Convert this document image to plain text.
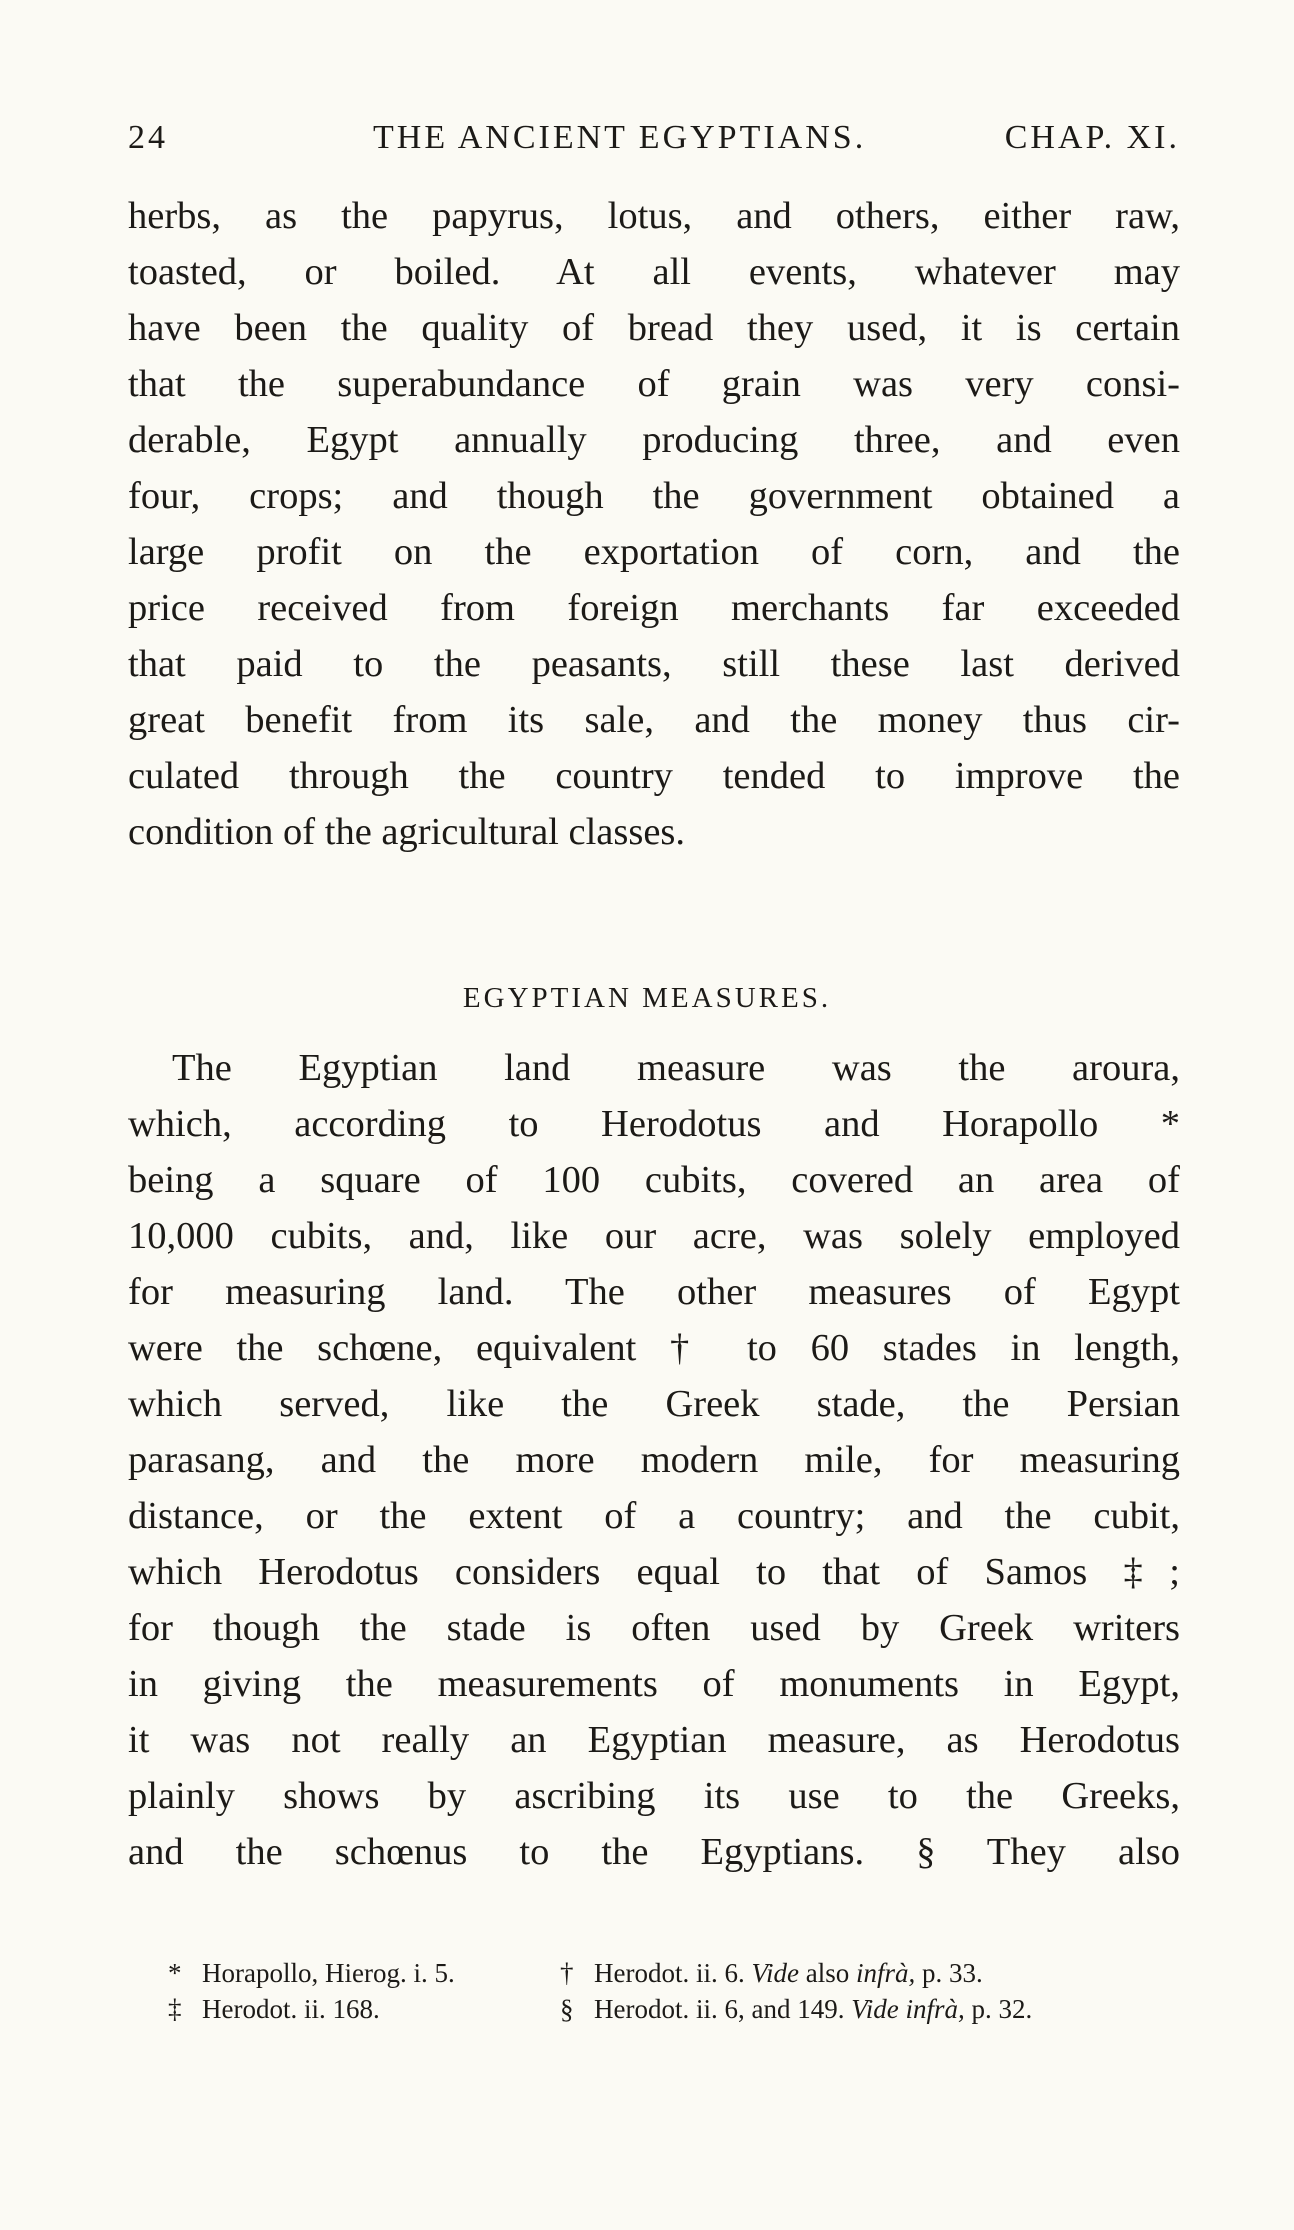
24	THE ANCIENT EGYPTIANS.	CHAP. XI.
herbs, as the papyrus, lotus, and others, either raw,
toasted, or boiled. At all events, whatever may
have been the quality of bread they used, it is certain
that the superabundance of grain was very consi-
derable, Egypt annually producing three, and even
four, crops; and though the government obtained a
large profit on the exportation of corn, and the
price received from foreign merchants far exceeded
that paid to the peasants, still these last derived
great benefit from its sale, and the money thus cir-
culated through the country tended to improve the
condition of the agricultural classes.
EGYPTIAN MEASURES.
The Egyptian land measure was the aroura,
which, according to Herodotus and Horapollo *
being a square of 100 cubits, covered an area of
10,000 cubits, and, like our acre, was solely employed
for measuring land. The other measures of Egypt
were the schœne, equivalent † to 60 stades in length,
which served, like the Greek stade, the Persian
parasang, and the more modern mile, for measuring
distance, or the extent of a country; and the cubit,
which Herodotus considers equal to that of Samos ‡;
for though the stade is often used by Greek writers
in giving the measurements of monuments in Egypt,
it was not really an Egyptian measure, as Herodotus
plainly shows by ascribing its use to the Greeks,
and the schœnus to the Egyptians. § They also
* Horapollo, Hierog. i. 5.	† Herodot. ii. 6. Vide also infrà, p. 33.
‡ Herodot. ii. 168.	§ Herodot. ii. 6, and 149. Vide infrà, p. 32.
